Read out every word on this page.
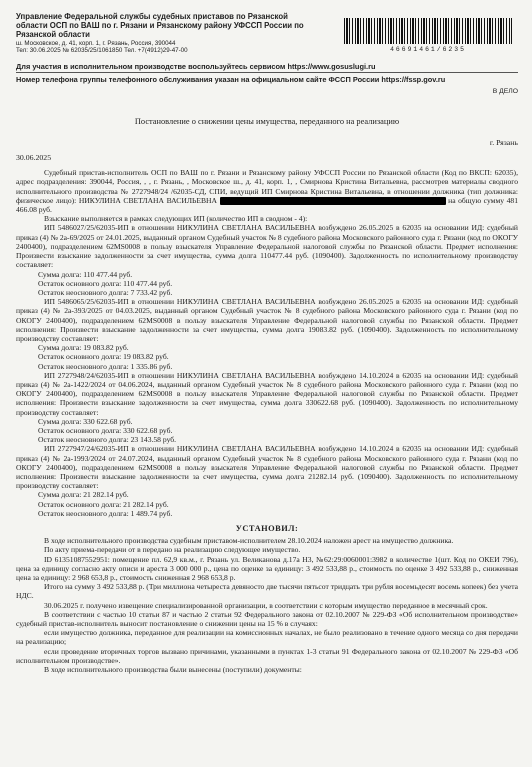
Управление Федеральной службы судебных приставов по Рязанской области ОСП по ВАШ по г. Рязани и Рязанскому району УФССП России по Рязанской области
ш. Московское, д. 41, корп. 1, г. Рязань, Россия, 390044
Тел: 30.06.2025 № 62035/25/1061850 Тел. +7(4912)29-47-00	46691461/6235
Для участия в исполнительном производстве воспользуйтесь сервисом https://www.gosuslugi.ru
Номер телефона группы телефонного обслуживания указан на официальном сайте ФССП России https://fssp.gov.ru
В ДЕЛО
Постановление о снижении цены имущества, переданного на реализацию
г. Рязань
30.06.2025

Судебный пристав-исполнитель ОСП по ВАШ по г. Рязани и Рязанскому району УФССП России по Рязанской области (Код по ВКСП: 62035), адрес подразделения: 390044, Россия, , , г. Рязань, , Московское ш., д. 41, корп. 1, , Смирнова Кристина Витальевна, рассмотрев материалы сводного исполнительного производства № 2727948/24 /62035-СД, СПИ, ведущий ИП Смирнова Кристина Витальевна, в отношении должника (тип должника: физическое лицо): НИКУЛИНА СВЕТЛАНА ВАСИЛЬЕВНА	на общую сумму 481 466.08 руб.

Взыскание выполняется в рамках следующих ИП (количество ИП в сводном - 4):

ИП 5486027/25/62035-ИП в отношении НИКУЛИНА СВЕТЛАНА ВАСИЛЬЕВНА возбуждено 26.05.2025 в 62035 на основании ИД: судебный приказ (4) № 2а-69/2025 от 24.01.2025, выданный органом Судебный участок № 8 судебного района Московского районного суда г. Рязани (код по ОКОГУ 2400400), подразделением 62MS0008 в пользу взыскателя Управление Федеральной налоговой службы по Рязанской области. Предмет исполнения: Произвести взыскание задолженности за счет имущества, сумма долга 110477.44 руб. (1090400). Задолженность по исполнительному производству составляет:

Сумма долга: 110 477.44 руб.

Остаток основного долга: 110 477.44 руб.

Остаток неосновного долга: 7 733.42 руб.

ИП 5486065/25/62035-ИП в отношении НИКУЛИНА СВЕТЛАНА ВАСИЛЬЕВНА возбуждено 26.05.2025 в 62035 на основании ИД: судебный приказ (4) № 2а-393/2025 от 04.03.2025, выданный органом Судебный участок № 8 судебного района Московского районного суда г. Рязани (код по ОКОГУ 2400400), подразделением 62MS0008 в пользу взыскателя Управление Федеральной налоговой службы по Рязанской области. Предмет исполнения: Произвести взыскание задолженности за счет имущества, сумма долга 19083.82 руб. (1090400). Задолженность по исполнительному производству составляет:

Сумма долга: 19 083.82 руб.

Остаток основного долга: 19 083.82 руб.

Остаток неосновного долга: 1 335.86 руб.

ИП 2727948/24/62035-ИП в отношении НИКУЛИНА СВЕТЛАНА ВАСИЛЬЕВНА возбуждено 14.10.2024 в 62035 на основании ИД: судебный приказ (4) № 2а-1422/2024 от 04.06.2024, выданный органом Судебный участок № 8 судебного района Московского районного суда г. Рязани (код по ОКОГУ 2400400), подразделением 62MS0008 в пользу взыскателя Управление Федеральной налоговой службы по Рязанской области. Предмет исполнения: Произвести взыскание задолженности за счет имущества, сумма долга 330622.68 руб. (1090400). Задолженность по исполнительному производству составляет:

Сумма долга: 330 622.68 руб.

Остаток основного долга: 330 622.68 руб.

Остаток неосновного долга: 23 143.58 руб.

ИП 2727947/24/62035-ИП в отношении НИКУЛИНА СВЕТЛАНА ВАСИЛЬЕВНА возбуждено 14.10.2024 в 62035 на основании ИД: судебный приказ (4) № 2а-1993/2024 от 24.07.2024, выданный органом Судебный участок № 8 судебного района Московского районного суда г. Рязани (код по ОКОГУ 2400400), подразделением 62MS0008 в пользу взыскателя Управление Федеральной налоговой службы по Рязанской области. Предмет исполнения: Произвести взыскание задолженности за счет имущества, сумма долга 21282.14 руб. (1090400). Задолженность по исполнительному производству составляет:

Сумма долга: 21 282.14 руб.

Остаток основного долга: 21 282.14 руб.

Остаток неосновного долга: 1 489.74 руб.

УСТАНОВИЛ:

В ходе исполнительного производства судебным приставом-исполнителем 28.10.2024 наложен арест на имущество должника.

По акту приема-передачи от в передано на реализацию следующее имущество.

ID 61351087552951: помещение пл. 62,9 кв.м., г. Рязань ул. Великанова д.17а Н3, №62:29:0060001:3982 в количестве 1(шт. Код по ОКЕИ 796), цена за единицу согласно акту описи и ареста 3 000 000 р., цена по оценке за единицу: 3 492 533,88 р., стоимость по оценке 3 492 533,88 р., сниженная цена за единицу: 2 968 653,8 р., стоимость сниженная 2 968 653,8 р.

Итого на сумму 3 492 533,88 р. (Три миллиона четыреста девяносто две тысячи пятьсот тридцать три рубля восемьдесят восемь копеек) без учета НДС.

30.06.2025 г. получено извещение специализированной организации, в соответствии с которым имущество переданное в месячный срок.

В соответствии с частью 10 статьи 87 и частью 2 статьи 92 Федерального закона от 02.10.2007 № 229-ФЗ «Об исполнительном производстве» судебный пристав-исполнитель выносит постановление о снижении цены на 15 % в случаях:

если имущество должника, переданное для реализации на комиссионных началах, не было реализовано в течение одного месяца со дня передачи на реализацию;

если проведение вторичных торгов вызвано причинами, указанными в пунктах 1-3 статьи 91 Федерального закона от 02.10.2007 № 229-ФЗ «Об исполнительном производстве».

В ходе исполнительного производства были вынесены (поступили) документы:
